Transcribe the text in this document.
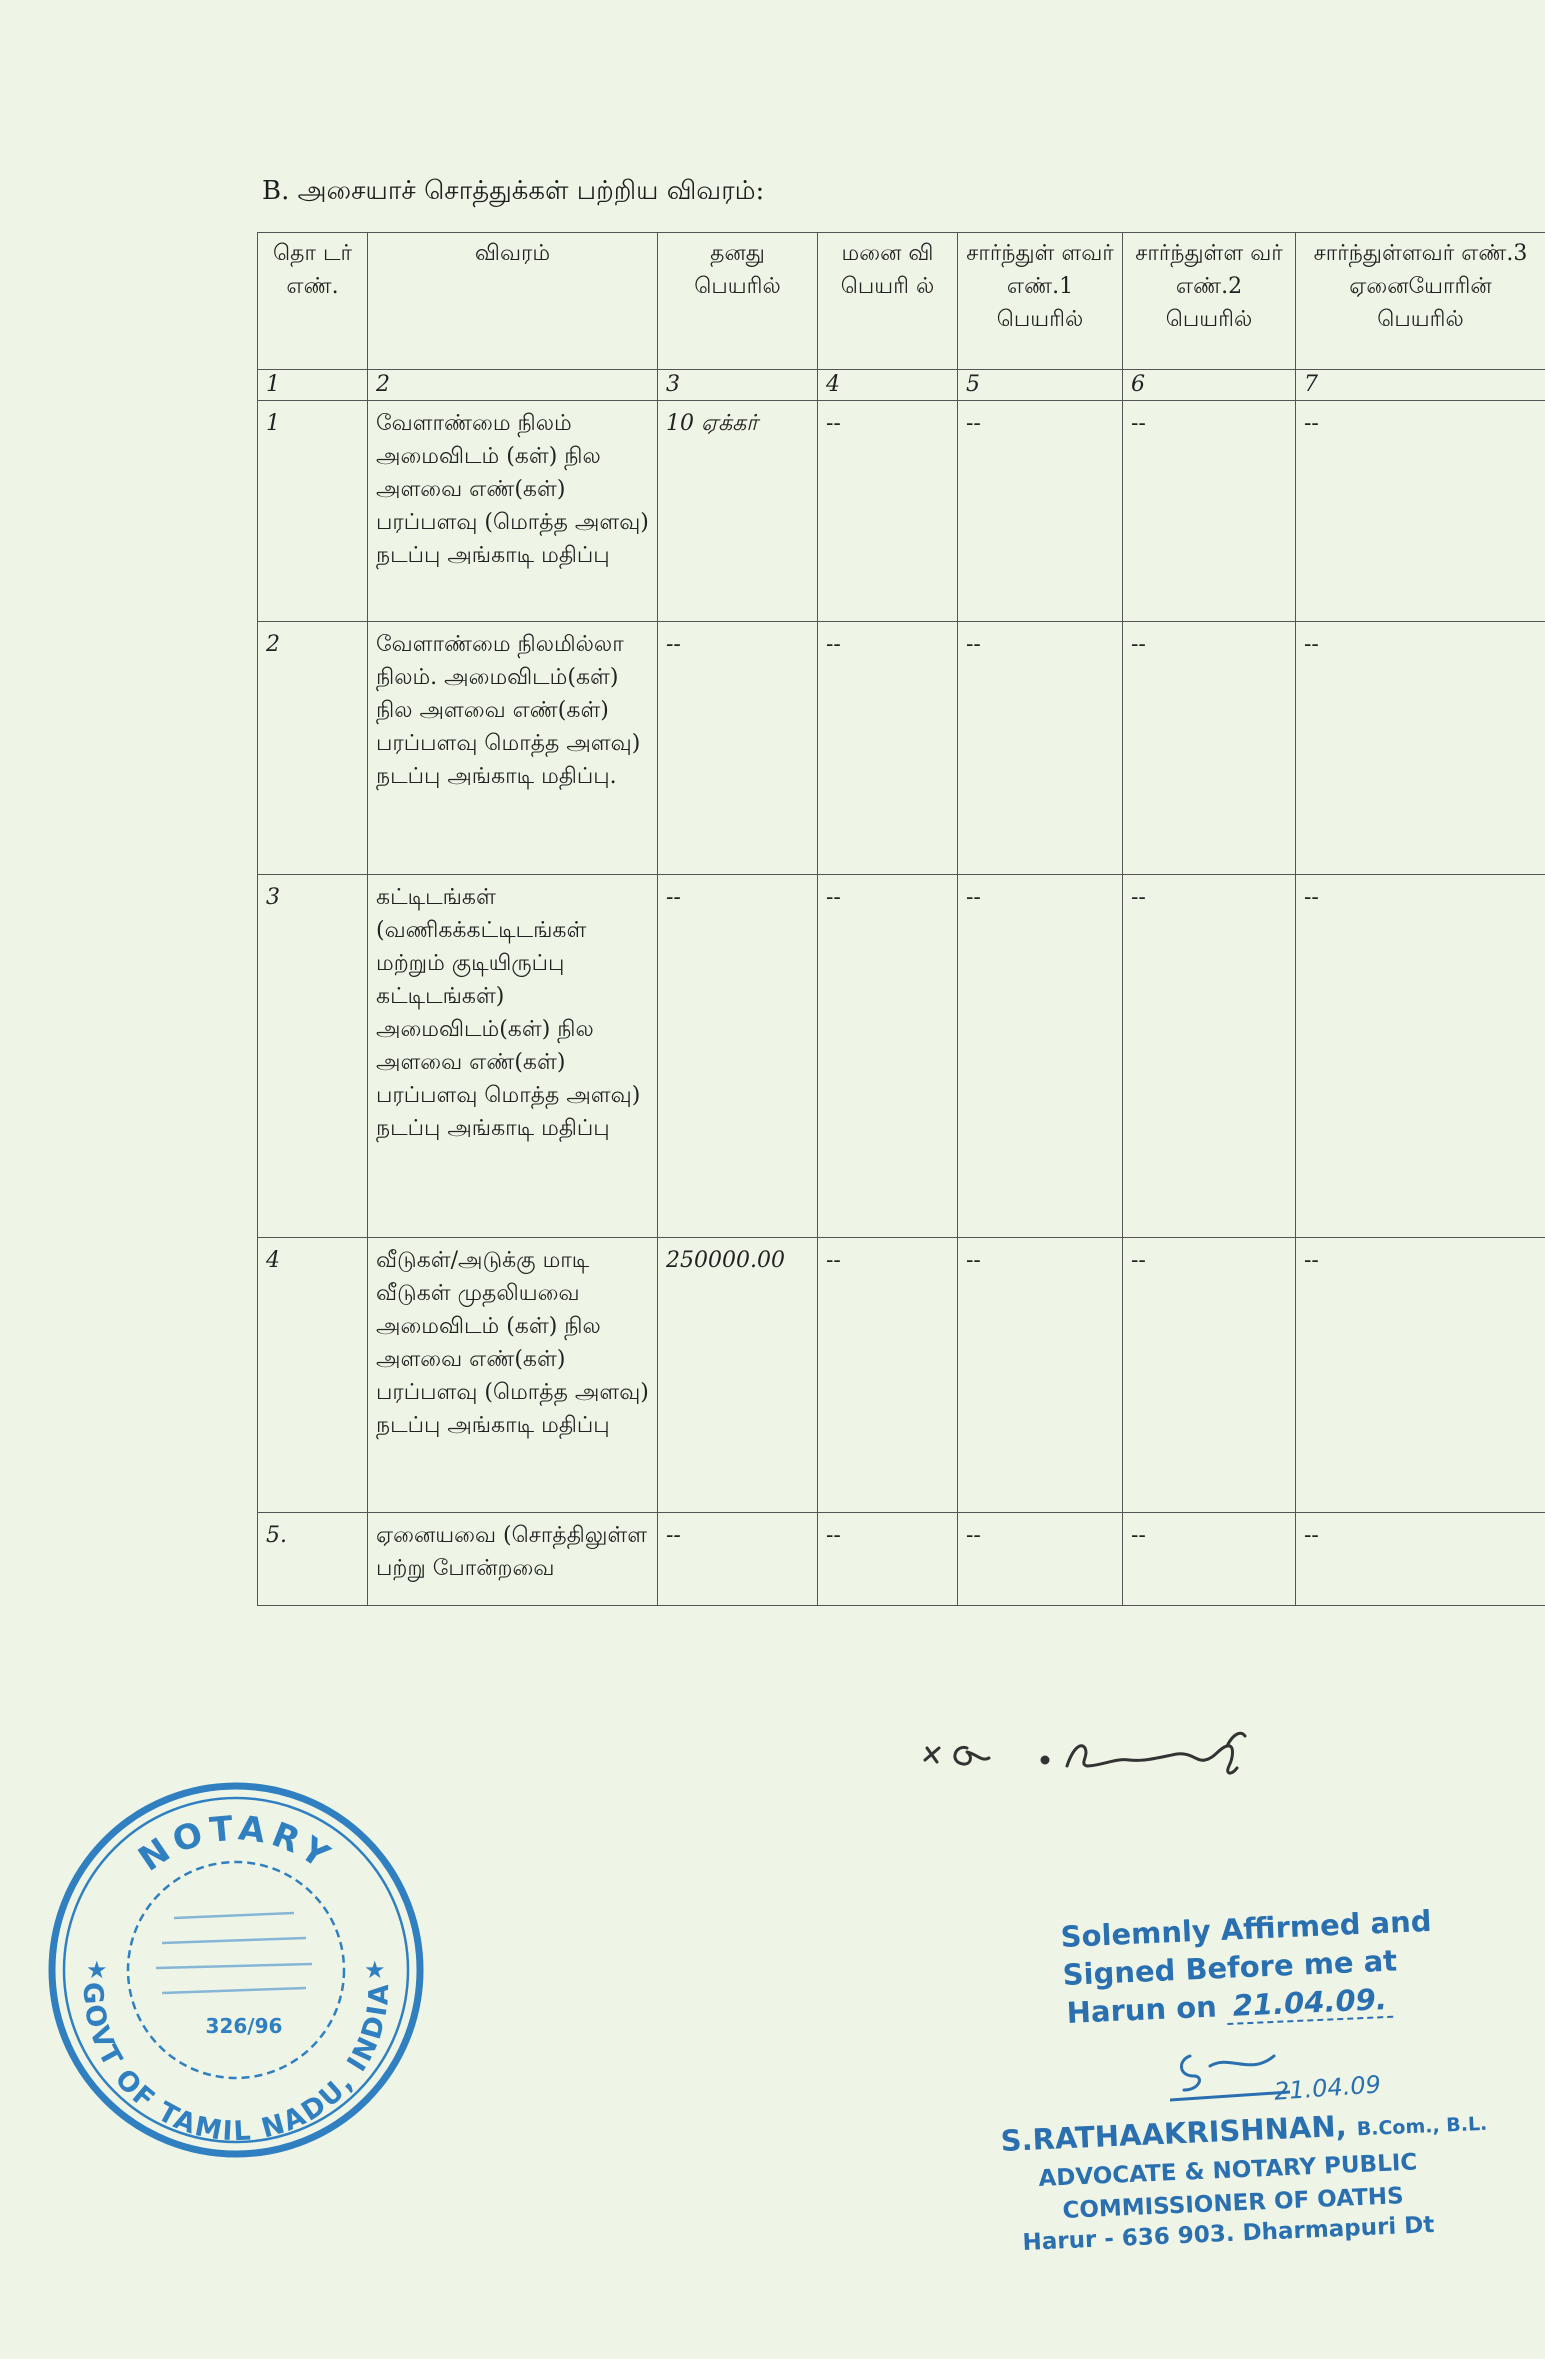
B. அசையாச் சொத்துக்கள் பற்றிய விவரம்:
தொ டர் எண்.	விவரம்	தனது பெயரில்	மனை வி பெயரி ல்	சார்ந்துள் ளவர் எண்.1 பெயரில்	சார்ந்துள்ள வர் எண்.2 பெயரில்	சார்ந்துள்ளவர் எண்.3 ஏனையோரின் பெயரில்
1	2	3	4	5	6	7
1	வேளாண்மை நிலம் அமைவிடம் (கள்) நில அளவை எண்(கள்) பரப்பளவு (மொத்த அளவு) நடப்பு அங்காடி மதிப்பு	10 ஏக்கர்	--	--	--	--
2	வேளாண்மை நிலமில்லா நிலம். அமைவிடம்(கள்) நில அளவை எண்(கள்) பரப்பளவு மொத்த அளவு) நடப்பு அங்காடி மதிப்பு.	--	--	--	--	--
3	கட்டிடங்கள் (வணிகக்கட்டிடங்கள் மற்றும் குடியிருப்பு கட்டிடங்கள்) அமைவிடம்(கள்) நில அளவை எண்(கள்) பரப்பளவு மொத்த அளவு) நடப்பு அங்காடி மதிப்பு	--	--	--	--	--
4	வீடுகள்/அடுக்கு மாடி வீடுகள் முதலியவை அமைவிடம் (கள்) நில அளவை எண்(கள்) பரப்பளவு (மொத்த அளவு) நடப்பு அங்காடி மதிப்பு	250000.00	--	--	--	--
5.	ஏனையவை (சொத்திலுள்ள பற்று போன்றவை	--	--	--	--	--
NOTARY
GOVT OF TAMIL NADU, INDIA
★	★
326/96
Solemnly Affirmed and
Signed Before me at
Harun on 21.04.09.
21.04.09
S.RATHAAKRISHNAN, B.Com., B.L.
ADVOCATE & NOTARY PUBLIC
COMMISSIONER OF OATHS
Harur - 636 903. Dharmapuri Dt
